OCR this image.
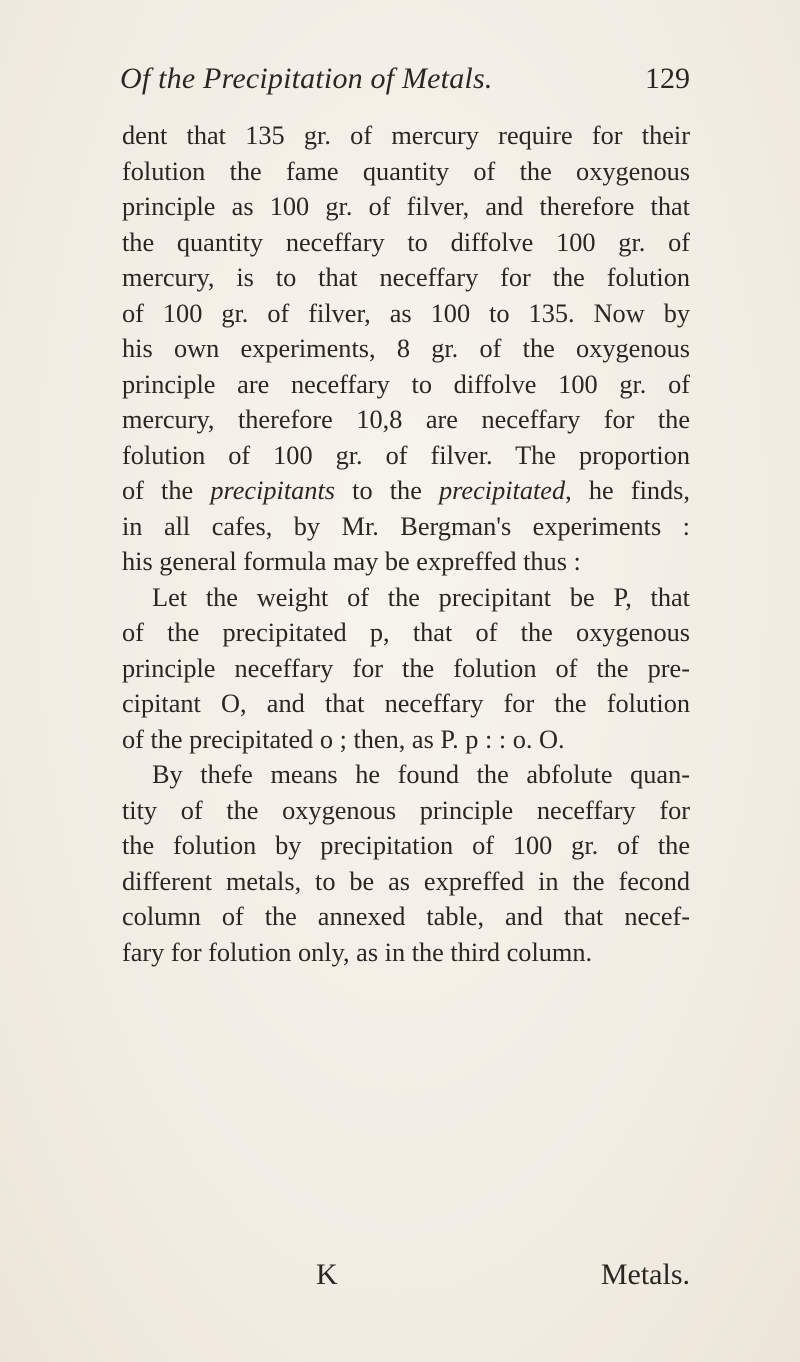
Of the Precipitation of Metals.	129
dent that 135 gr. of mercury require for their
folution the fame quantity of the oxygenous
principle as 100 gr. of filver, and therefore that
the quantity neceffary to diffolve 100 gr. of
mercury, is to that neceffary for the folution
of 100 gr. of filver, as 100 to 135. Now by
his own experiments, 8 gr. of the oxygenous
principle are neceffary to diffolve 100 gr. of
mercury, therefore 10,8 are neceffary for the
folution of 100 gr. of filver. The proportion
of the precipitants to the precipitated, he finds,
in all cafes, by Mr. Bergman's experiments :
his general formula may be expreffed thus :
Let the weight of the precipitant be P, that
of the precipitated p, that of the oxygenous
principle neceffary for the folution of the pre-
cipitant O, and that neceffary for the folution
of the precipitated o ; then, as P. p : : o. O.
By thefe means he found the abfolute quan-
tity of the oxygenous principle neceffary for
the folution by precipitation of 100 gr. of the
different metals, to be as expreffed in the fecond
column of the annexed table, and that necef-
fary for folution only, as in the third column.
K	Metals.
